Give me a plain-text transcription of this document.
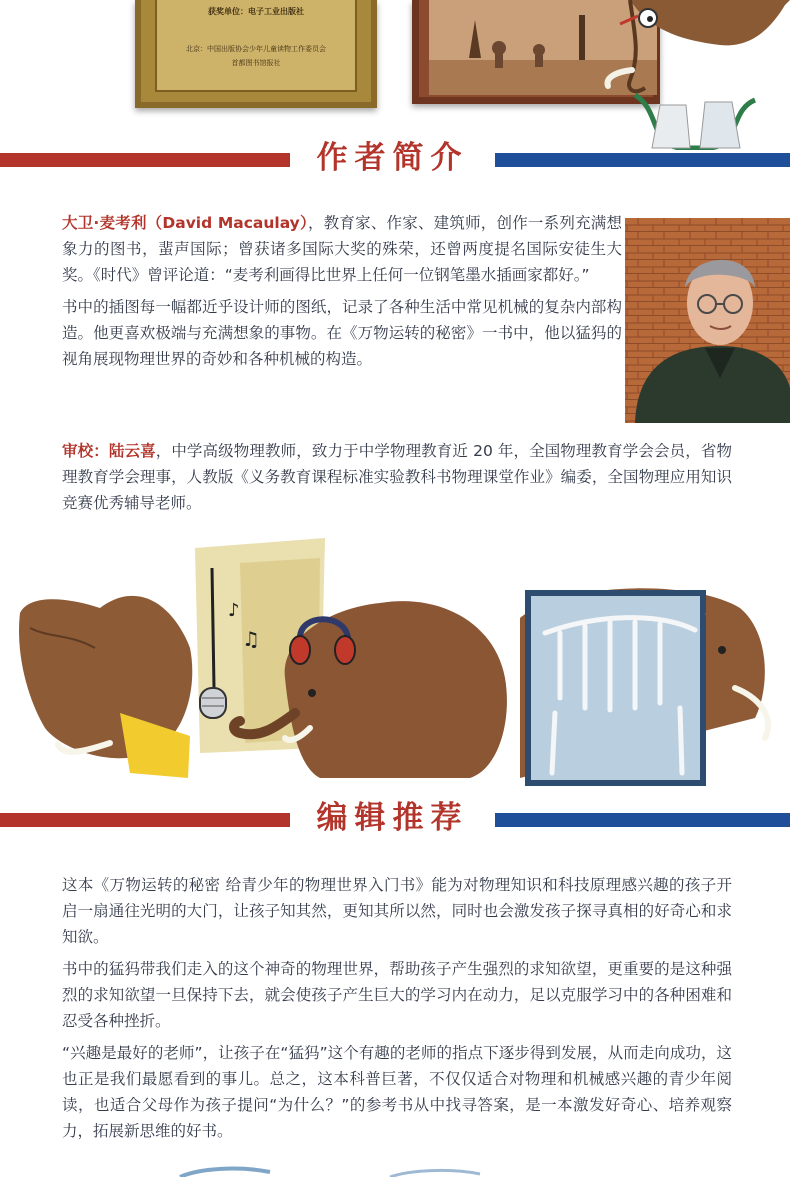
获奖单位：电子工业出版社
北京：中国出版协会少年儿童读物工作委员会
首都图书馆报社
作者简介

大卫·麦考利（David Macaulay），教育家、作家、建筑师，创作一系列充满想象力的图书，蜚声国际；曾获诸多国际大奖的殊荣，还曾两度提名国际安徒生大奖。《时代》曾评论道：“麦考利画得比世界上任何一位钢笔墨水插画家都好。”

书中的插图每一幅都近乎设计师的图纸，记录了各种生活中常见机械的复杂内部构造。他更喜欢极端与充满想象的事物。在《万物运转的秘密》一书中，他以猛犸的视角展现物理世界的奇妙和各种机械的构造。

审校：陆云喜，中学高级物理教师，致力于中学物理教育近 20 年，全国物理教育学会会员，省物理教育学会理事，人教版《义务教育课程标准实验教科书物理课堂作业》编委，全国物理应用知识竞赛优秀辅导老师。

♪
♫
编辑推荐

这本《万物运转的秘密 给青少年的物理世界入门书》能为对物理知识和科技原理感兴趣的孩子开启一扇通往光明的大门，让孩子知其然，更知其所以然，同时也会激发孩子探寻真相的好奇心和求知欲。

书中的猛犸带我们走入的这个神奇的物理世界，帮助孩子产生强烈的求知欲望，更重要的是这种强烈的求知欲望一旦保持下去，就会使孩子产生巨大的学习内在动力，足以克服学习中的各种困难和忍受各种挫折。

“兴趣是最好的老师”，让孩子在“猛犸”这个有趣的老师的指点下逐步得到发展，从而走向成功，这也正是我们最愿看到的事儿。总之，这本科普巨著，不仅仅适合对物理和机械感兴趣的青少年阅读，也适合父母作为孩子提问“为什么？”的参考书从中找寻答案，是一本激发好奇心、培养观察力，拓展新思维的好书。
